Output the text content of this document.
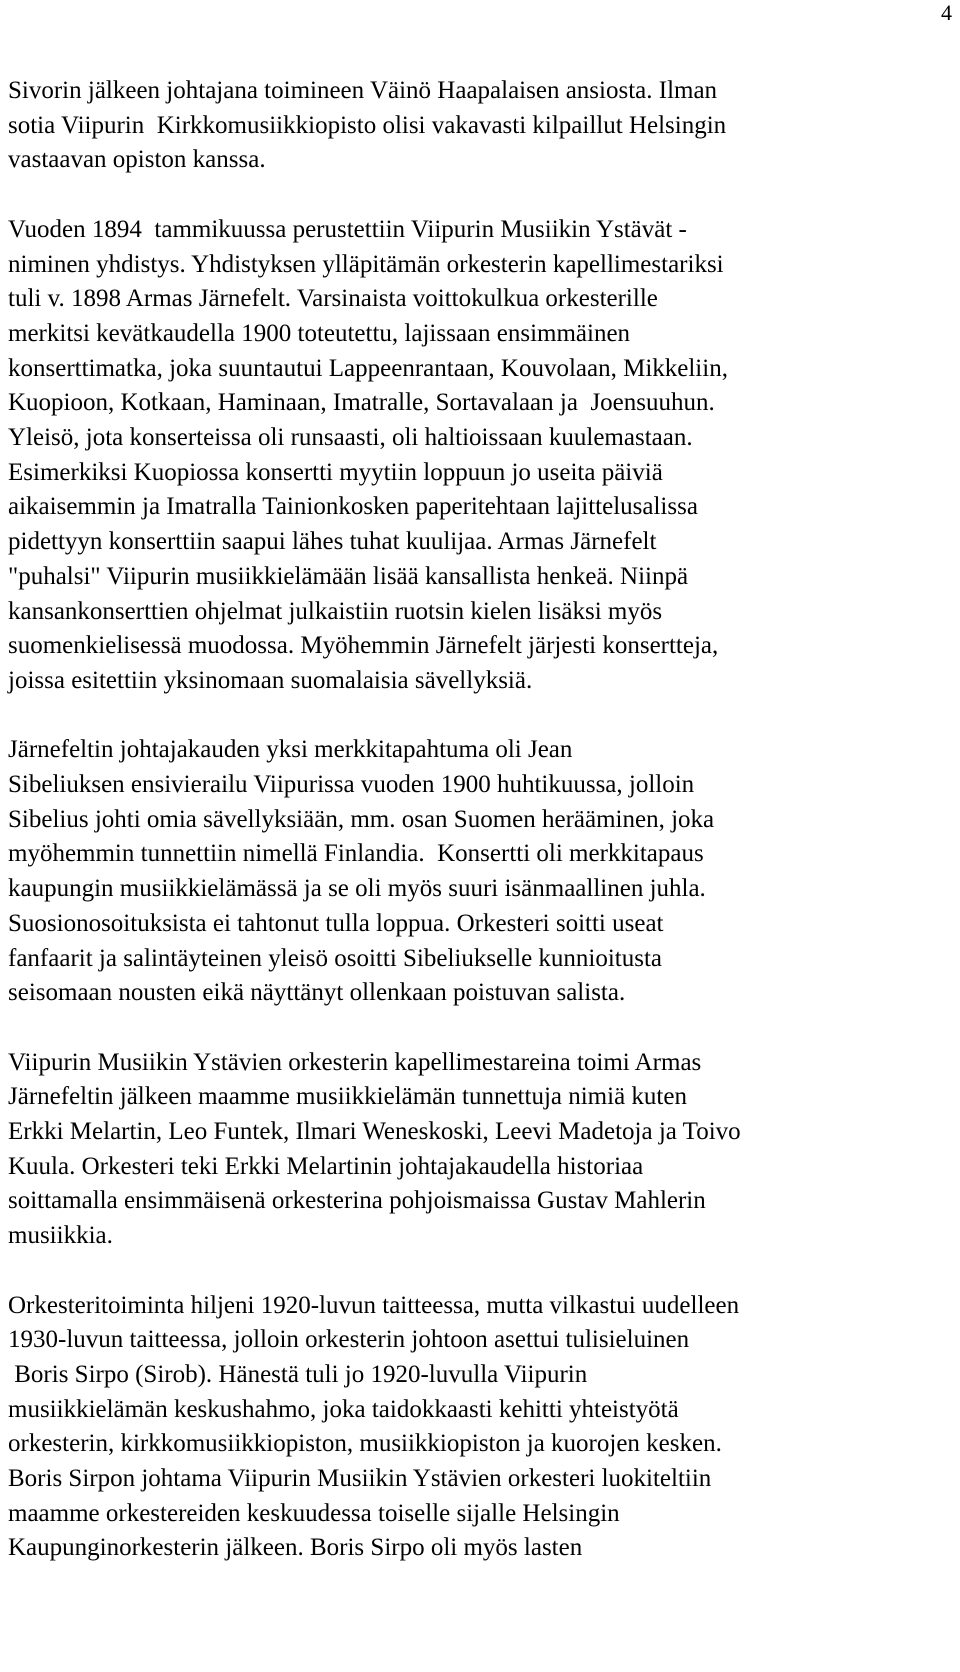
4
Sivorin jälkeen johtajana toimineen Väinö Haapalaisen ansiosta. Ilman
sotia Viipurin  Kirkkomusiikkiopisto olisi vakavasti kilpaillut Helsingin
vastaavan opiston kanssa.
Vuoden 1894  tammikuussa perustettiin Viipurin Musiikin Ystävät -
niminen yhdistys. Yhdistyksen ylläpitämän orkesterin kapellimestariksi
tuli v. 1898 Armas Järnefelt. Varsinaista voittokulkua orkesterille
merkitsi kevätkaudella 1900 toteutettu, lajissaan ensimmäinen
konserttimatka, joka suuntautui Lappeenrantaan, Kouvolaan, Mikkeliin,
Kuopioon, Kotkaan, Haminaan, Imatralle, Sortavalaan ja  Joensuuhun.
Yleisö, jota konserteissa oli runsaasti, oli haltioissaan kuulemastaan.
Esimerkiksi Kuopiossa konsertti myytiin loppuun jo useita päiviä
aikaisemmin ja Imatralla Tainionkosken paperitehtaan lajittelusalissa
pidettyyn konserttiin saapui lähes tuhat kuulijaa. Armas Järnefelt
"puhalsi" Viipurin musiikkielämään lisää kansallista henkeä. Niinpä
kansankonserttien ohjelmat julkaistiin ruotsin kielen lisäksi myös
suomenkielisessä muodossa. Myöhemmin Järnefelt järjesti konsertteja,
joissa esitettiin yksinomaan suomalaisia sävellyksiä.
Järnefeltin johtajakauden yksi merkkitapahtuma oli Jean
Sibeliuksen ensivierailu Viipurissa vuoden 1900 huhtikuussa, jolloin
Sibelius johti omia sävellyksiään, mm. osan Suomen herääminen, joka
myöhemmin tunnettiin nimellä Finlandia.  Konsertti oli merkkitapaus
kaupungin musiikkielämässä ja se oli myös suuri isänmaallinen juhla.
Suosionosoituksista ei tahtonut tulla loppua. Orkesteri soitti useat
fanfaarit ja salintäyteinen yleisö osoitti Sibeliukselle kunnioitusta
seisomaan nousten eikä näyttänyt ollenkaan poistuvan salista.
Viipurin Musiikin Ystävien orkesterin kapellimestareina toimi Armas
Järnefeltin jälkeen maamme musiikkielämän tunnettuja nimiä kuten
Erkki Melartin, Leo Funtek, Ilmari Weneskoski, Leevi Madetoja ja Toivo
Kuula. Orkesteri teki Erkki Melartinin johtajakaudella historiaa
soittamalla ensimmäisenä orkesterina pohjoismaissa Gustav Mahlerin
musiikkia.
Orkesteritoiminta hiljeni 1920-luvun taitteessa, mutta vilkastui uudelleen
1930-luvun taitteessa, jolloin orkesterin johtoon asettui tulisieluinen
Boris Sirpo (Sirob). Hänestä tuli jo 1920-luvulla Viipurin
musiikkielämän keskushahmo, joka taidokkaasti kehitti yhteistyötä
orkesterin, kirkkomusiikkiopiston, musiikkiopiston ja kuorojen kesken.
Boris Sirpon johtama Viipurin Musiikin Ystävien orkesteri luokiteltiin
maamme orkestereiden keskuudessa toiselle sijalle Helsingin
Kaupunginorkesterin jälkeen. Boris Sirpo oli myös lasten
